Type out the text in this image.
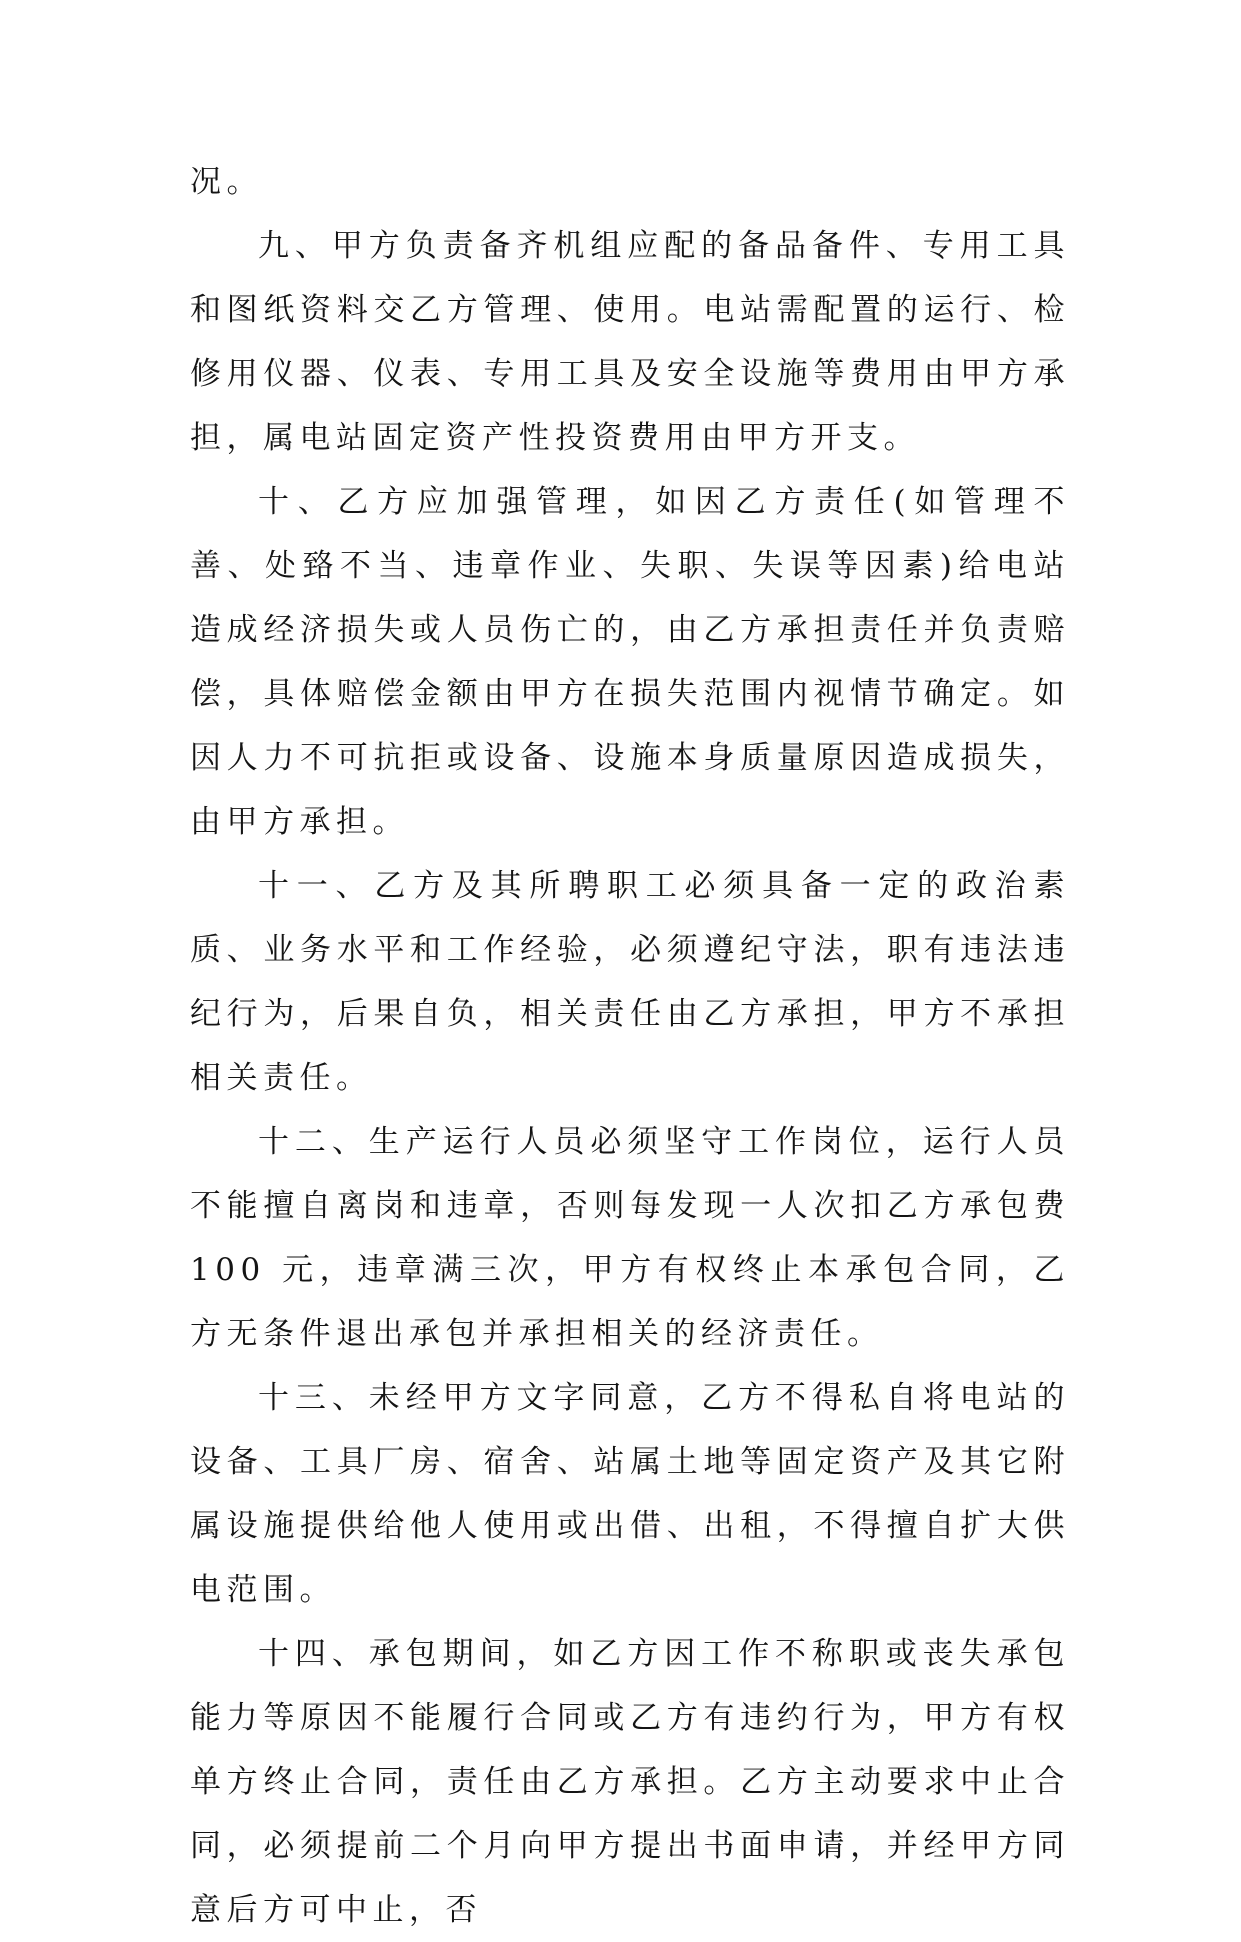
况。

九、甲方负责备齐机组应配的备品备件、专用工具和图纸资料交乙方管理、使用。电站需配置的运行、检修用仪器、仪表、专用工具及安全设施等费用由甲方承担，属电站固定资产性投资费用由甲方开支。

十、乙方应加强管理，如因乙方责任(如管理不善、处臵不当、违章作业、失职、失误等因素)给电站造成经济损失或人员伤亡的，由乙方承担责任并负责赔偿，具体赔偿金额由甲方在损失范围内视情节确定。如因人力不可抗拒或设备、设施本身质量原因造成损失，由甲方承担。

十一、乙方及其所聘职工必须具备一定的政治素质、业务水平和工作经验，必须遵纪守法，职有违法违纪行为，后果自负，相关责任由乙方承担，甲方不承担相关责任。

十二、生产运行人员必须坚守工作岗位，运行人员不能擅自离岗和违章，否则每发现一人次扣乙方承包费 100 元，违章满三次，甲方有权终止本承包合同，乙方无条件退出承包并承担相关的经济责任。

十三、未经甲方文字同意，乙方不得私自将电站的设备、工具厂房、宿舍、站属土地等固定资产及其它附属设施提供给他人使用或出借、出租，不得擅自扩大供电范围。

十四、承包期间，如乙方因工作不称职或丧失承包能力等原因不能履行合同或乙方有违约行为，甲方有权单方终止合同，责任由乙方承担。乙方主动要求中止合同，必须提前二个月向甲方提出书面申请，并经甲方同意后方可中止，否
